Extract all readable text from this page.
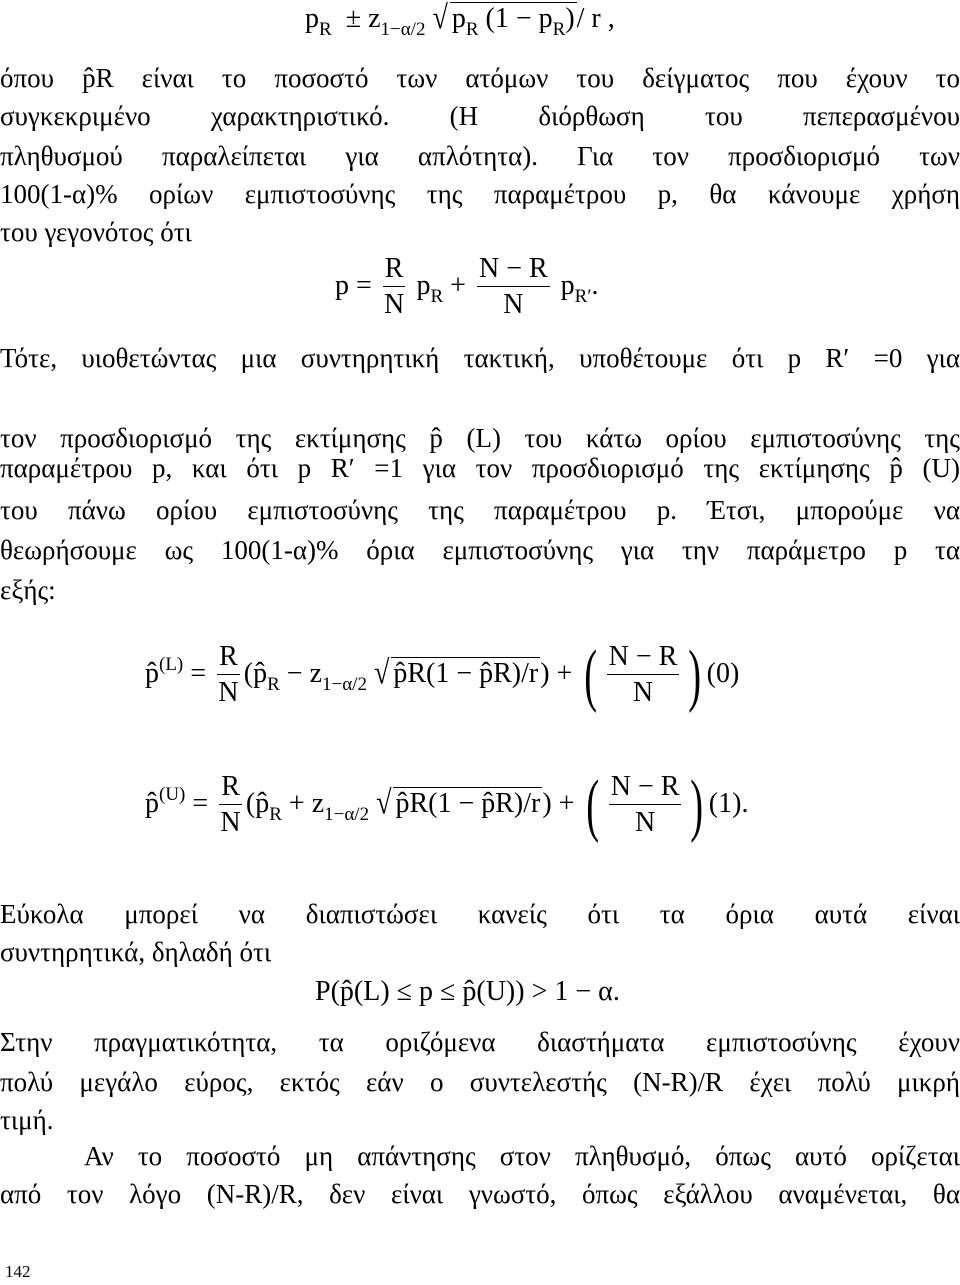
$p_R \pm z_{1-\alpha/2}$ √ $p_R$ $(1 - p_R)/$ r ,
όπου p̂R είναι το ποσοστό των ατόμων του δείγματος που έχουν το
συγκεκριμένο χαρακτηριστικό. (Η διόρθωση του πεπερασμένου
πληθυσμού παραλείπεται για απλότητα). Για τον προσδιορισμό των
100(1-α)% ορίων εμπιστοσύνης της παραμέτρου p, θα κάνουμε χρήση
του γεγονότος ότι
$p = \frac{R}{N} p_R + \frac{N - R}{N} p_{R'}$.
Τότε, υιοθετώντας μια συντηρητική τακτική, υποθέτουμε ότι p R′ =0 για
τον προσδιορισμό της εκτίμησης p̂ (L) του κάτω ορίου εμπιστοσύνης της
παραμέτρου p, και ότι p R′ =1 για τον προσδιορισμό της εκτίμησης p̂ (U)
του πάνω ορίου εμπιστοσύνης της παραμέτρου p. Έτσι, μπορούμε να
θεωρήσουμε ως 100(1-α)% όρια εμπιστοσύνης για την παράμετρο p τα
εξής:
p̂$^{(L)}$ = $\frac{R}{N}$ ($p̂_R - z_{1-\alpha/2}$ √ p̂R(1 − p̂R)/r) + ( $\frac{N - R}{N}$ ) (0)
p̂$^{(U)}$ = $\frac{R}{N}$ ($p̂_R + z_{1-\alpha/2}$ √ p̂R(1 − p̂R)/r) + ( $\frac{N - R}{N}$ ) (1).
Εύκολα μπορεί να διαπιστώσει κανείς ότι τα όρια αυτά είναι
συντηρητικά, δηλαδή ότι
P(p̂(L) ≤ p ≤ p̂(U)) > 1 − α.
Στην πραγματικότητα, τα οριζόμενα διαστήματα εμπιστοσύνης έχουν
πολύ μεγάλο εύρος, εκτός εάν ο συντελεστής (N-R)/R έχει πολύ μικρή
τιμή.
Αν το ποσοστό μη απάντησης στον πληθυσμό, όπως αυτό ορίζεται
από τον λόγο (N-R)/R, δεν είναι γνωστό, όπως εξάλλου αναμένεται, θα
142
